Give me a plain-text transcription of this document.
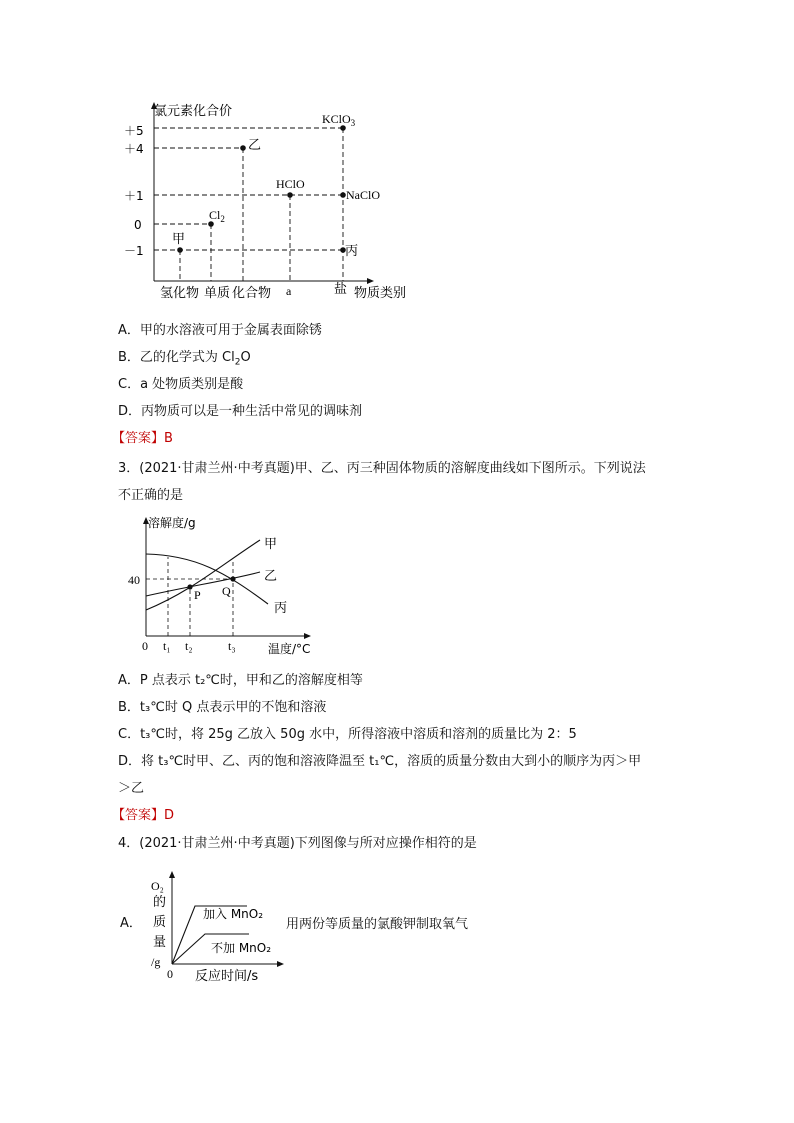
氯元素化合价
物质类别
＋5
＋4
＋1
0
－1
甲
$Cl_2$
乙
HClO
KClO$_3$
NaClO
丙
氢化物 单质 化合物 a	盐
A．甲的水溶液可用于金属表面除锈
B．乙的化学式为 $Cl_2O$
C．a 处物质类别是酸
D．丙物质可以是一种生活中常见的调味剂
【答案】B
3．(2021·甘肃兰州·中考真题)甲、乙、丙三种固体物质的溶解度曲线如下图所示。下列说法
不正确的是
溶解度/g
温度/°C
40
P Q
甲
乙
丙
0 t₁ t₂	t₃
A．P 点表示 t₂℃时，甲和乙的溶解度相等
B．t₃℃时 Q 点表示甲的不饱和溶液
C．t₃℃时，将 25g 乙放入 50g 水中，所得溶液中溶质和溶剂的质量比为 2：5
D．将 t₃℃时甲、乙、丙的饱和溶液降温至 t₁℃，溶质的质量分数由大到小的顺序为丙＞甲
＞乙
【答案】D
4．(2021·甘肃兰州·中考真题)下列图像与所对应操作相符的是
A．
O₂
的
质
量
/g
0 反应时间/s
加入 MnO₂
不加 MnO₂
用两份等质量的氯酸钾制取氧气
